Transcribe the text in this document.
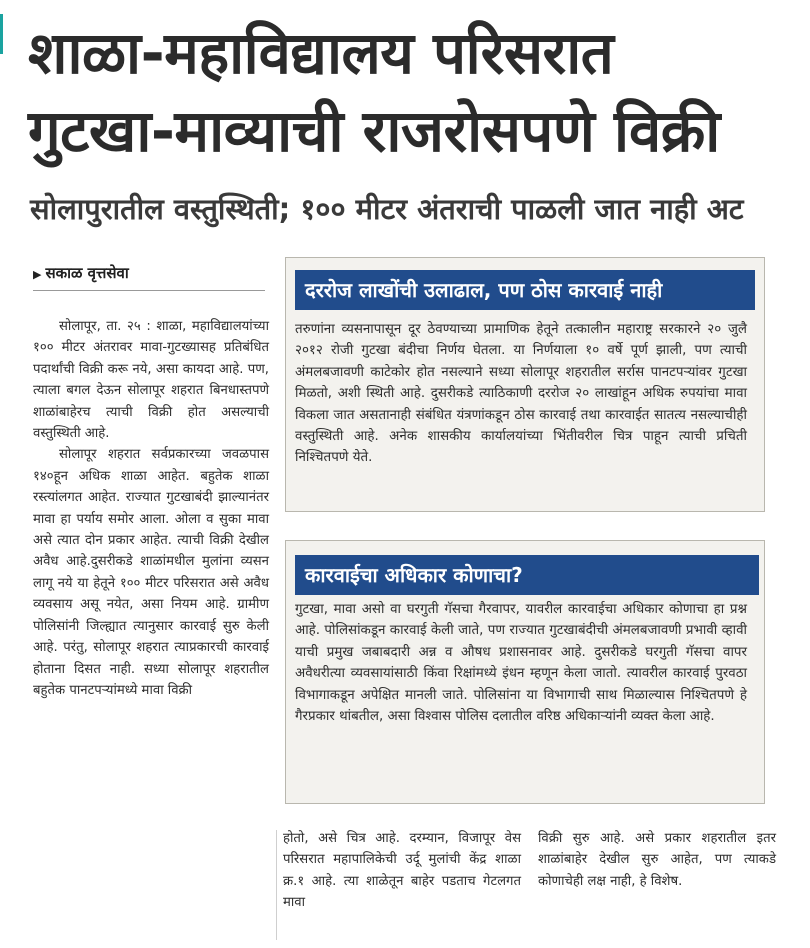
शाळा-महाविद्यालय परिसरात
गुटखा-माव्याची राजरोसपणे विक्री
सोलापुरातील वस्तुस्थिती; १०० मीटर अंतराची पाळली जात नाही अट
▶ सकाळ वृत्तसेवा

सोलापूर, ता. २५ : शाळा, महाविद्यालयांच्या १०० मीटर अंतरावर मावा-गुटख्यासह प्रतिबंधित पदार्थांची विक्री करू नये, असा कायदा आहे. पण, त्याला बगल देऊन सोलापूर शहरात बिनधास्तपणे शाळांबाहेरच त्याची विक्री होत असल्याची वस्तुस्थिती आहे.

सोलापूर शहरात सर्वप्रकारच्या जवळपास १४०हून अधिक शाळा आहेत. बहुतेक शाळा रस्त्यांलगत आहेत. राज्यात गुटखाबंदी झाल्यानंतर मावा हा पर्याय समोर आला. ओला व सुका मावा असे त्यात दोन प्रकार आहेत. त्याची विक्री देखील अवैध आहे.दुसरीकडे शाळांमधील मुलांना व्यसन लागू नये या हेतूने १०० मीटर परिसरात असे अवैध व्यवसाय असू नयेत, असा नियम आहे. ग्रामीण पोलिसांनी जिल्ह्यात त्यानुसार कारवाई सुरु केली आहे. परंतु, सोलापूर शहरात त्याप्रकारची कारवाई होताना दिसत नाही. सध्या सोलापूर शहरातील बहुतेक पानटपऱ्यांमध्ये मावा विक्री

दररोज लाखोंची उलाढाल, पण ठोस कारवाई नाही
तरुणांना व्यसनापासून दूर ठेवण्याच्या प्रामाणिक हेतूने तत्कालीन महाराष्ट्र सरकारने २० जुलै २०१२ रोजी गुटखा बंदीचा निर्णय घेतला. या निर्णयाला १० वर्षे पूर्ण झाली, पण त्याची अंमलबजावणी काटेकोर होत नसल्याने सध्या सोलापूर शहरातील सर्रास पानटपऱ्यांवर गुटखा मिळतो, अशी स्थिती आहे. दुसरीकडे त्याठिकाणी दररोज २० लाखांहून अधिक रुपयांचा मावा विकला जात असतानाही संबंधित यंत्रणांकडून ठोस कारवाई तथा कारवाईत सातत्य नसल्याचीही वस्तुस्थिती आहे. अनेक शासकीय कार्यालयांच्या भिंतीवरील चित्र पाहून त्याची प्रचिती निश्चितपणे येते.
कारवाईचा अधिकार कोणाचा?
गुटखा, मावा असो वा घरगुती गॅसचा गैरवापर, यावरील कारवाईचा अधिकार कोणाचा हा प्रश्न आहे. पोलिसांकडून कारवाई केली जाते, पण राज्यात गुटखाबंदीची अंमलबजावणी प्रभावी व्हावी याची प्रमुख जबाबदारी अन्न व औषध प्रशासनावर आहे. दुसरीकडे घरगुती गॅसचा वापर अवैधरीत्या व्यवसायांसाठी किंवा रिक्षांमध्ये इंधन म्हणून केला जातो. त्यावरील कारवाई पुरवठा विभागाकडून अपेक्षित मानली जाते. पोलिसांना या विभागाची साथ मिळाल्यास निश्चितपणे हे गैरप्रकार थांबतील, असा विश्वास पोलिस दलातील वरिष्ठ अधिकाऱ्यांनी व्यक्त केला आहे.

होतो, असे चित्र आहे. दरम्यान, विजापूर वेस परिसरात महापालिकेची उर्दू मुलांची केंद्र शाळा क्र.१ आहे. त्या शाळेतून बाहेर पडताच गेटलगत मावा

विक्री सुरु आहे. असे प्रकार शहरातील इतर शाळांबाहेर देखील सुरु आहेत, पण त्याकडे कोणाचेही लक्ष नाही, हे विशेष.
